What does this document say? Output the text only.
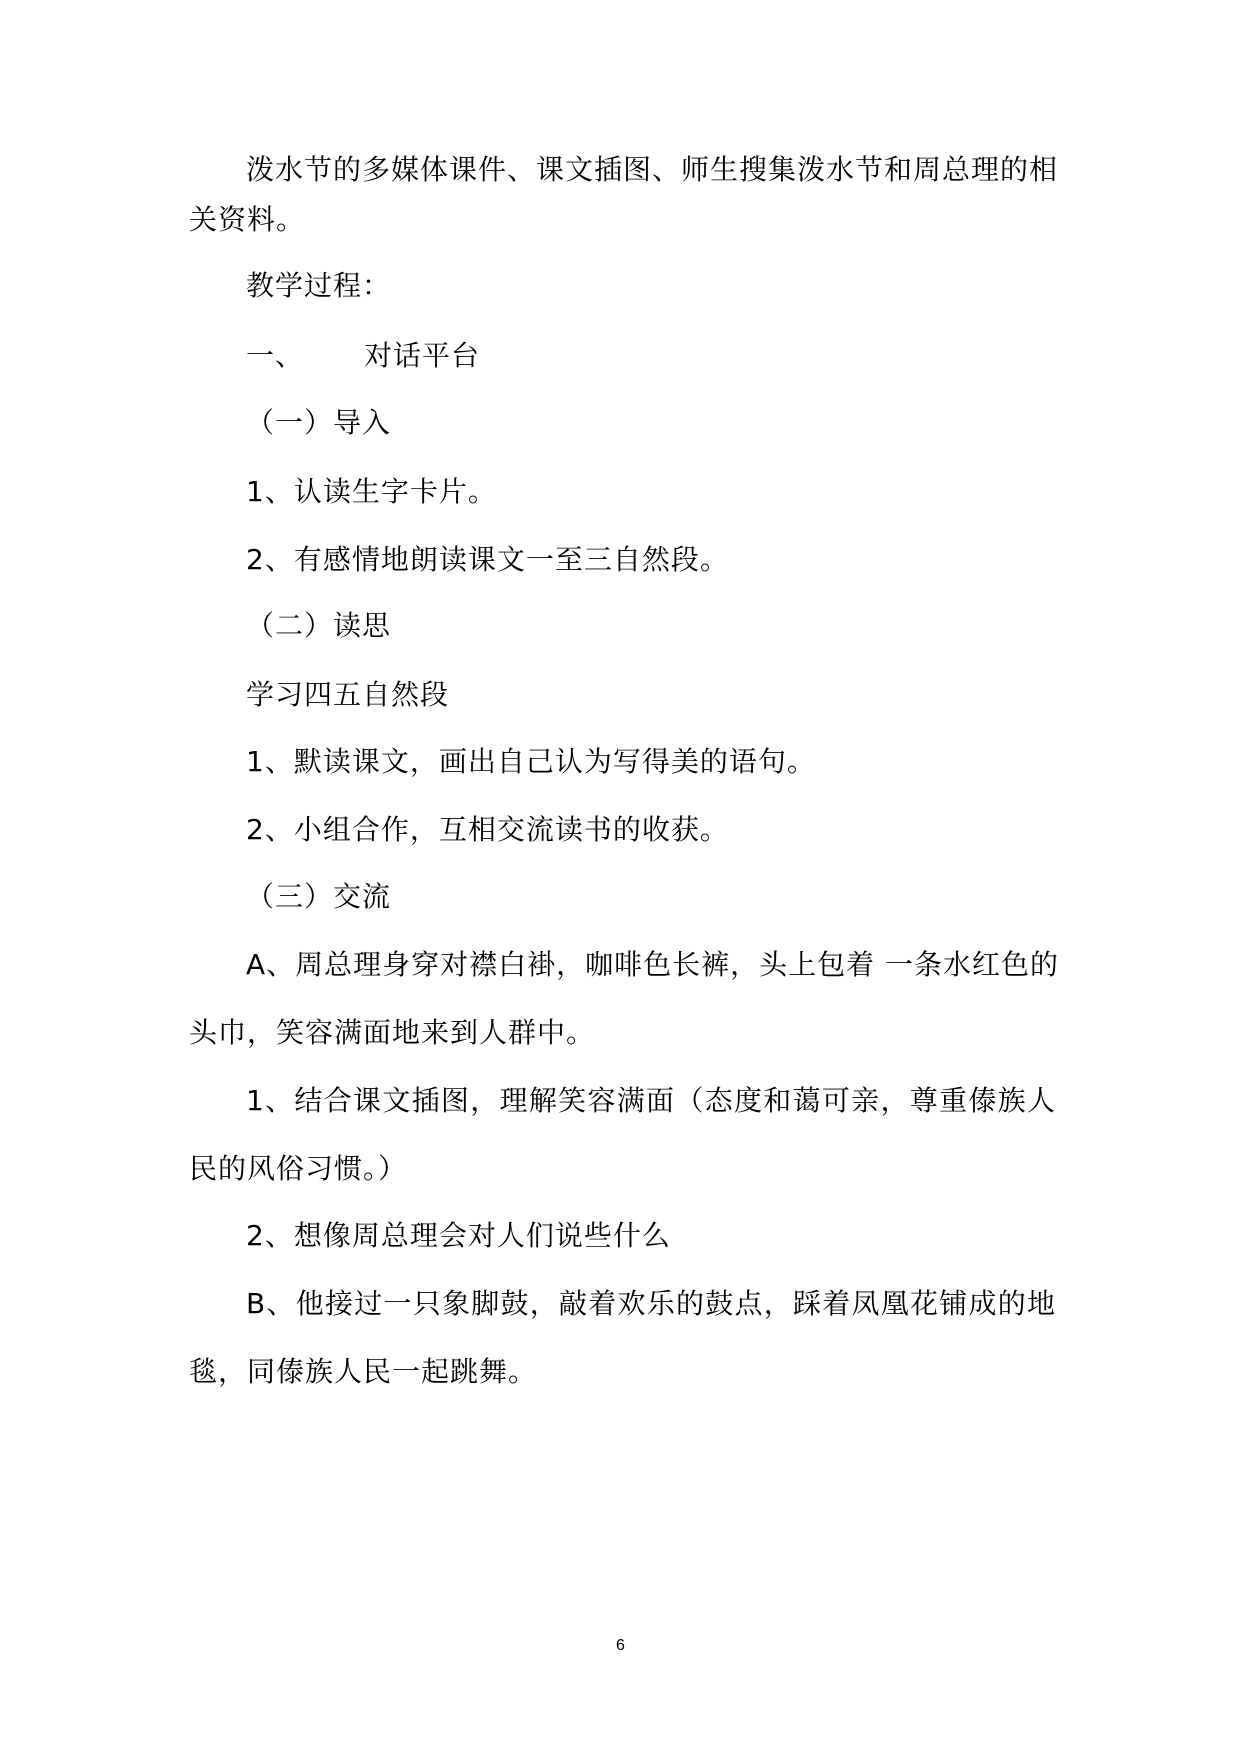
泼水节的多媒体课件、课文插图、师生搜集泼水节和周总理的相
关资料。
教学过程：
一、 对话平台
（一）导入
1、认读生字卡片。
2、有感情地朗读课文一至三自然段。
（二）读思
学习四五自然段
1、默读课文，画出自己认为写得美的语句。
2、小组合作，互相交流读书的收获。
（三）交流
A、周总理身穿对襟白褂，咖啡色长裤，头上包着 一条水红色的
头巾，笑容满面地来到人群中。
1、结合课文插图，理解笑容满面（态度和蔼可亲，尊重傣族人
民的风俗习惯。）
2、想像周总理会对人们说些什么
B、他接过一只象脚鼓，敲着欢乐的鼓点，踩着凤凰花铺成的地
毯，同傣族人民一起跳舞。
6
